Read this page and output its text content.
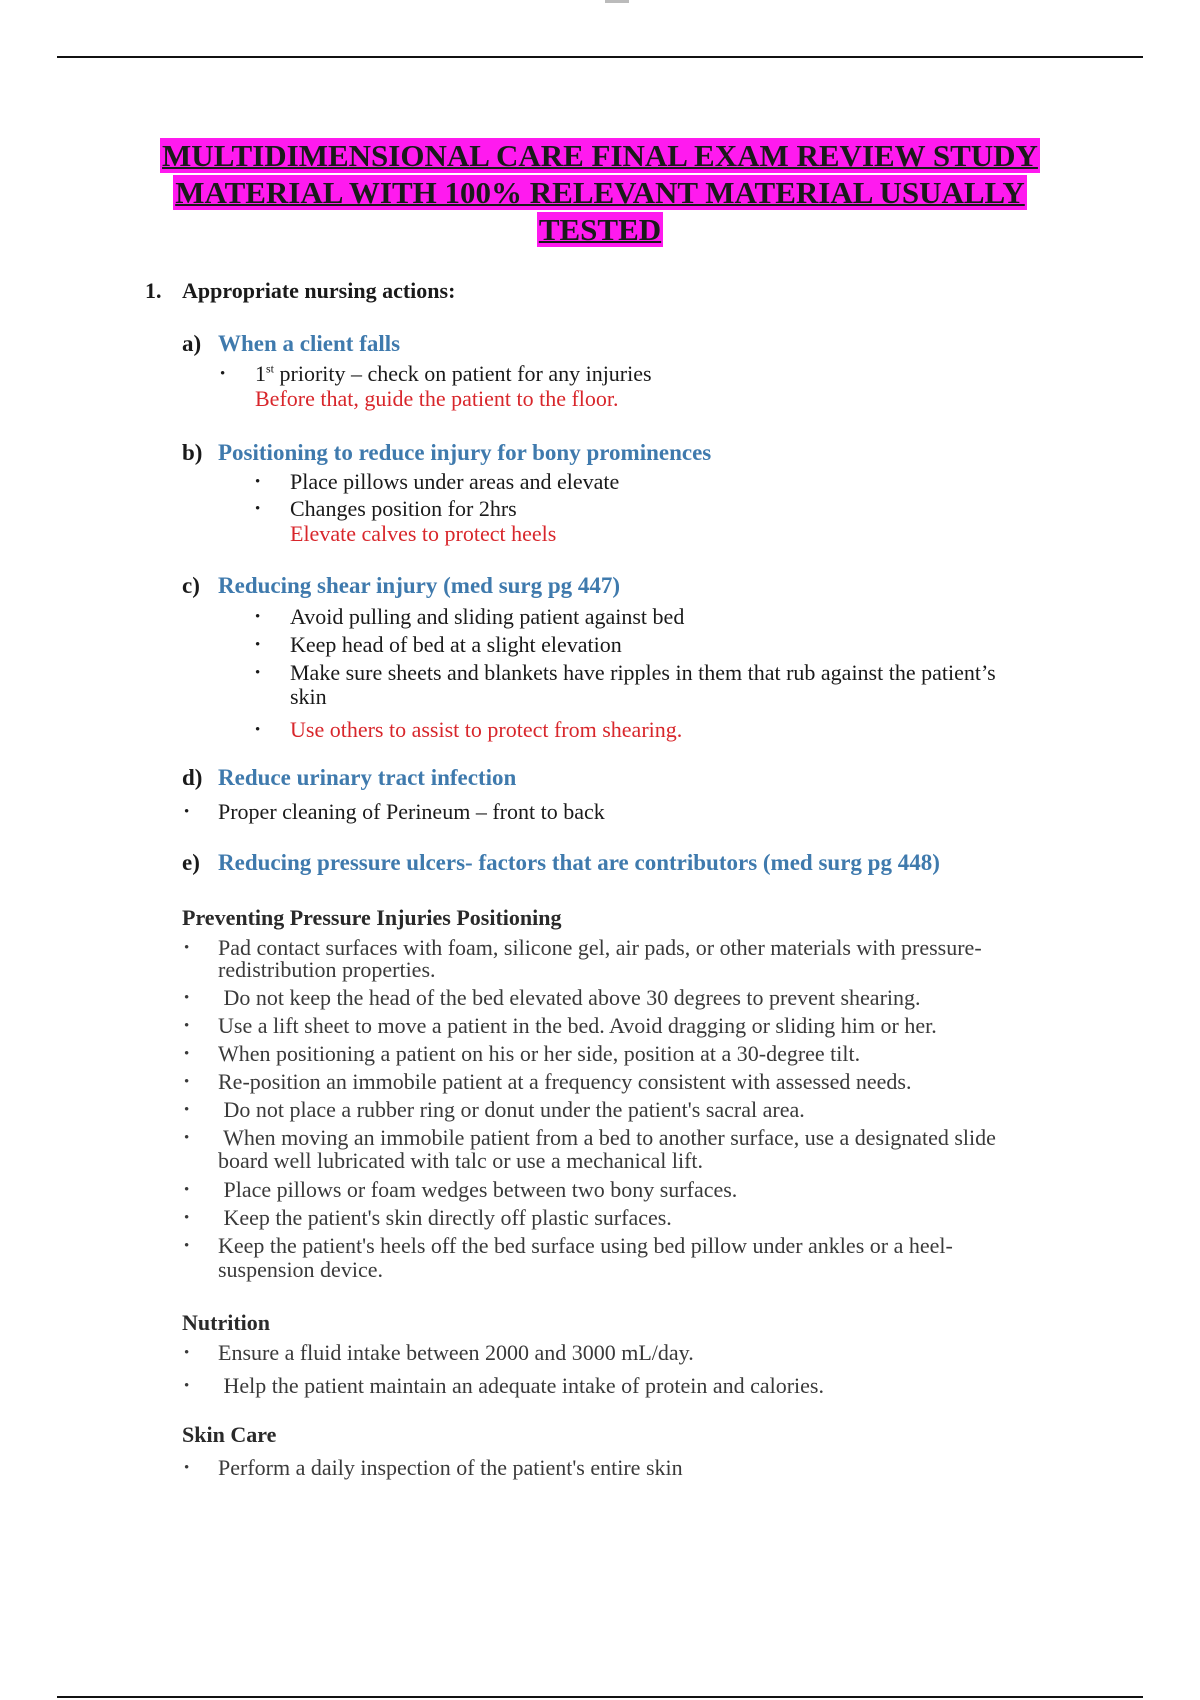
MULTIDIMENSIONAL CARE FINAL EXAM REVIEW STUDY
MATERIAL WITH 100% RELEVANT MATERIAL USUALLY
TESTED
1. Appropriate nursing actions:
a) When a client falls
• 1st priority – check on patient for any injuries
Before that, guide the patient to the floor.
b) Positioning to reduce injury for bony prominences
• Place pillows under areas and elevate
• Changes position for 2hrs
Elevate calves to protect heels
c) Reducing shear injury (med surg pg 447)
• Avoid pulling and sliding patient against bed
• Keep head of bed at a slight elevation
• Make sure sheets and blankets have ripples in them that rub against the patient’s
skin
• Use others to assist to protect from shearing.
d) Reduce urinary tract infection
• Proper cleaning of Perineum – front to back
e) Reducing pressure ulcers- factors that are contributors (med surg pg 448)
Preventing Pressure Injuries Positioning
• Pad contact surfaces with foam, silicone gel, air pads, or other materials with pressure-
redistribution properties.
• Do not keep the head of the bed elevated above 30 degrees to prevent shearing.
• Use a lift sheet to move a patient in the bed. Avoid dragging or sliding him or her.
• When positioning a patient on his or her side, position at a 30-degree tilt.
• Re-position an immobile patient at a frequency consistent with assessed needs.
• Do not place a rubber ring or donut under the patient's sacral area.
• When moving an immobile patient from a bed to another surface, use a designated slide
board well lubricated with talc or use a mechanical lift.
• Place pillows or foam wedges between two bony surfaces.
• Keep the patient's skin directly off plastic surfaces.
• Keep the patient's heels off the bed surface using bed pillow under ankles or a heel-
suspension device.
Nutrition
• Ensure a fluid intake between 2000 and 3000 mL/day.
• Help the patient maintain an adequate intake of protein and calories.
Skin Care
• Perform a daily inspection of the patient's entire skin
